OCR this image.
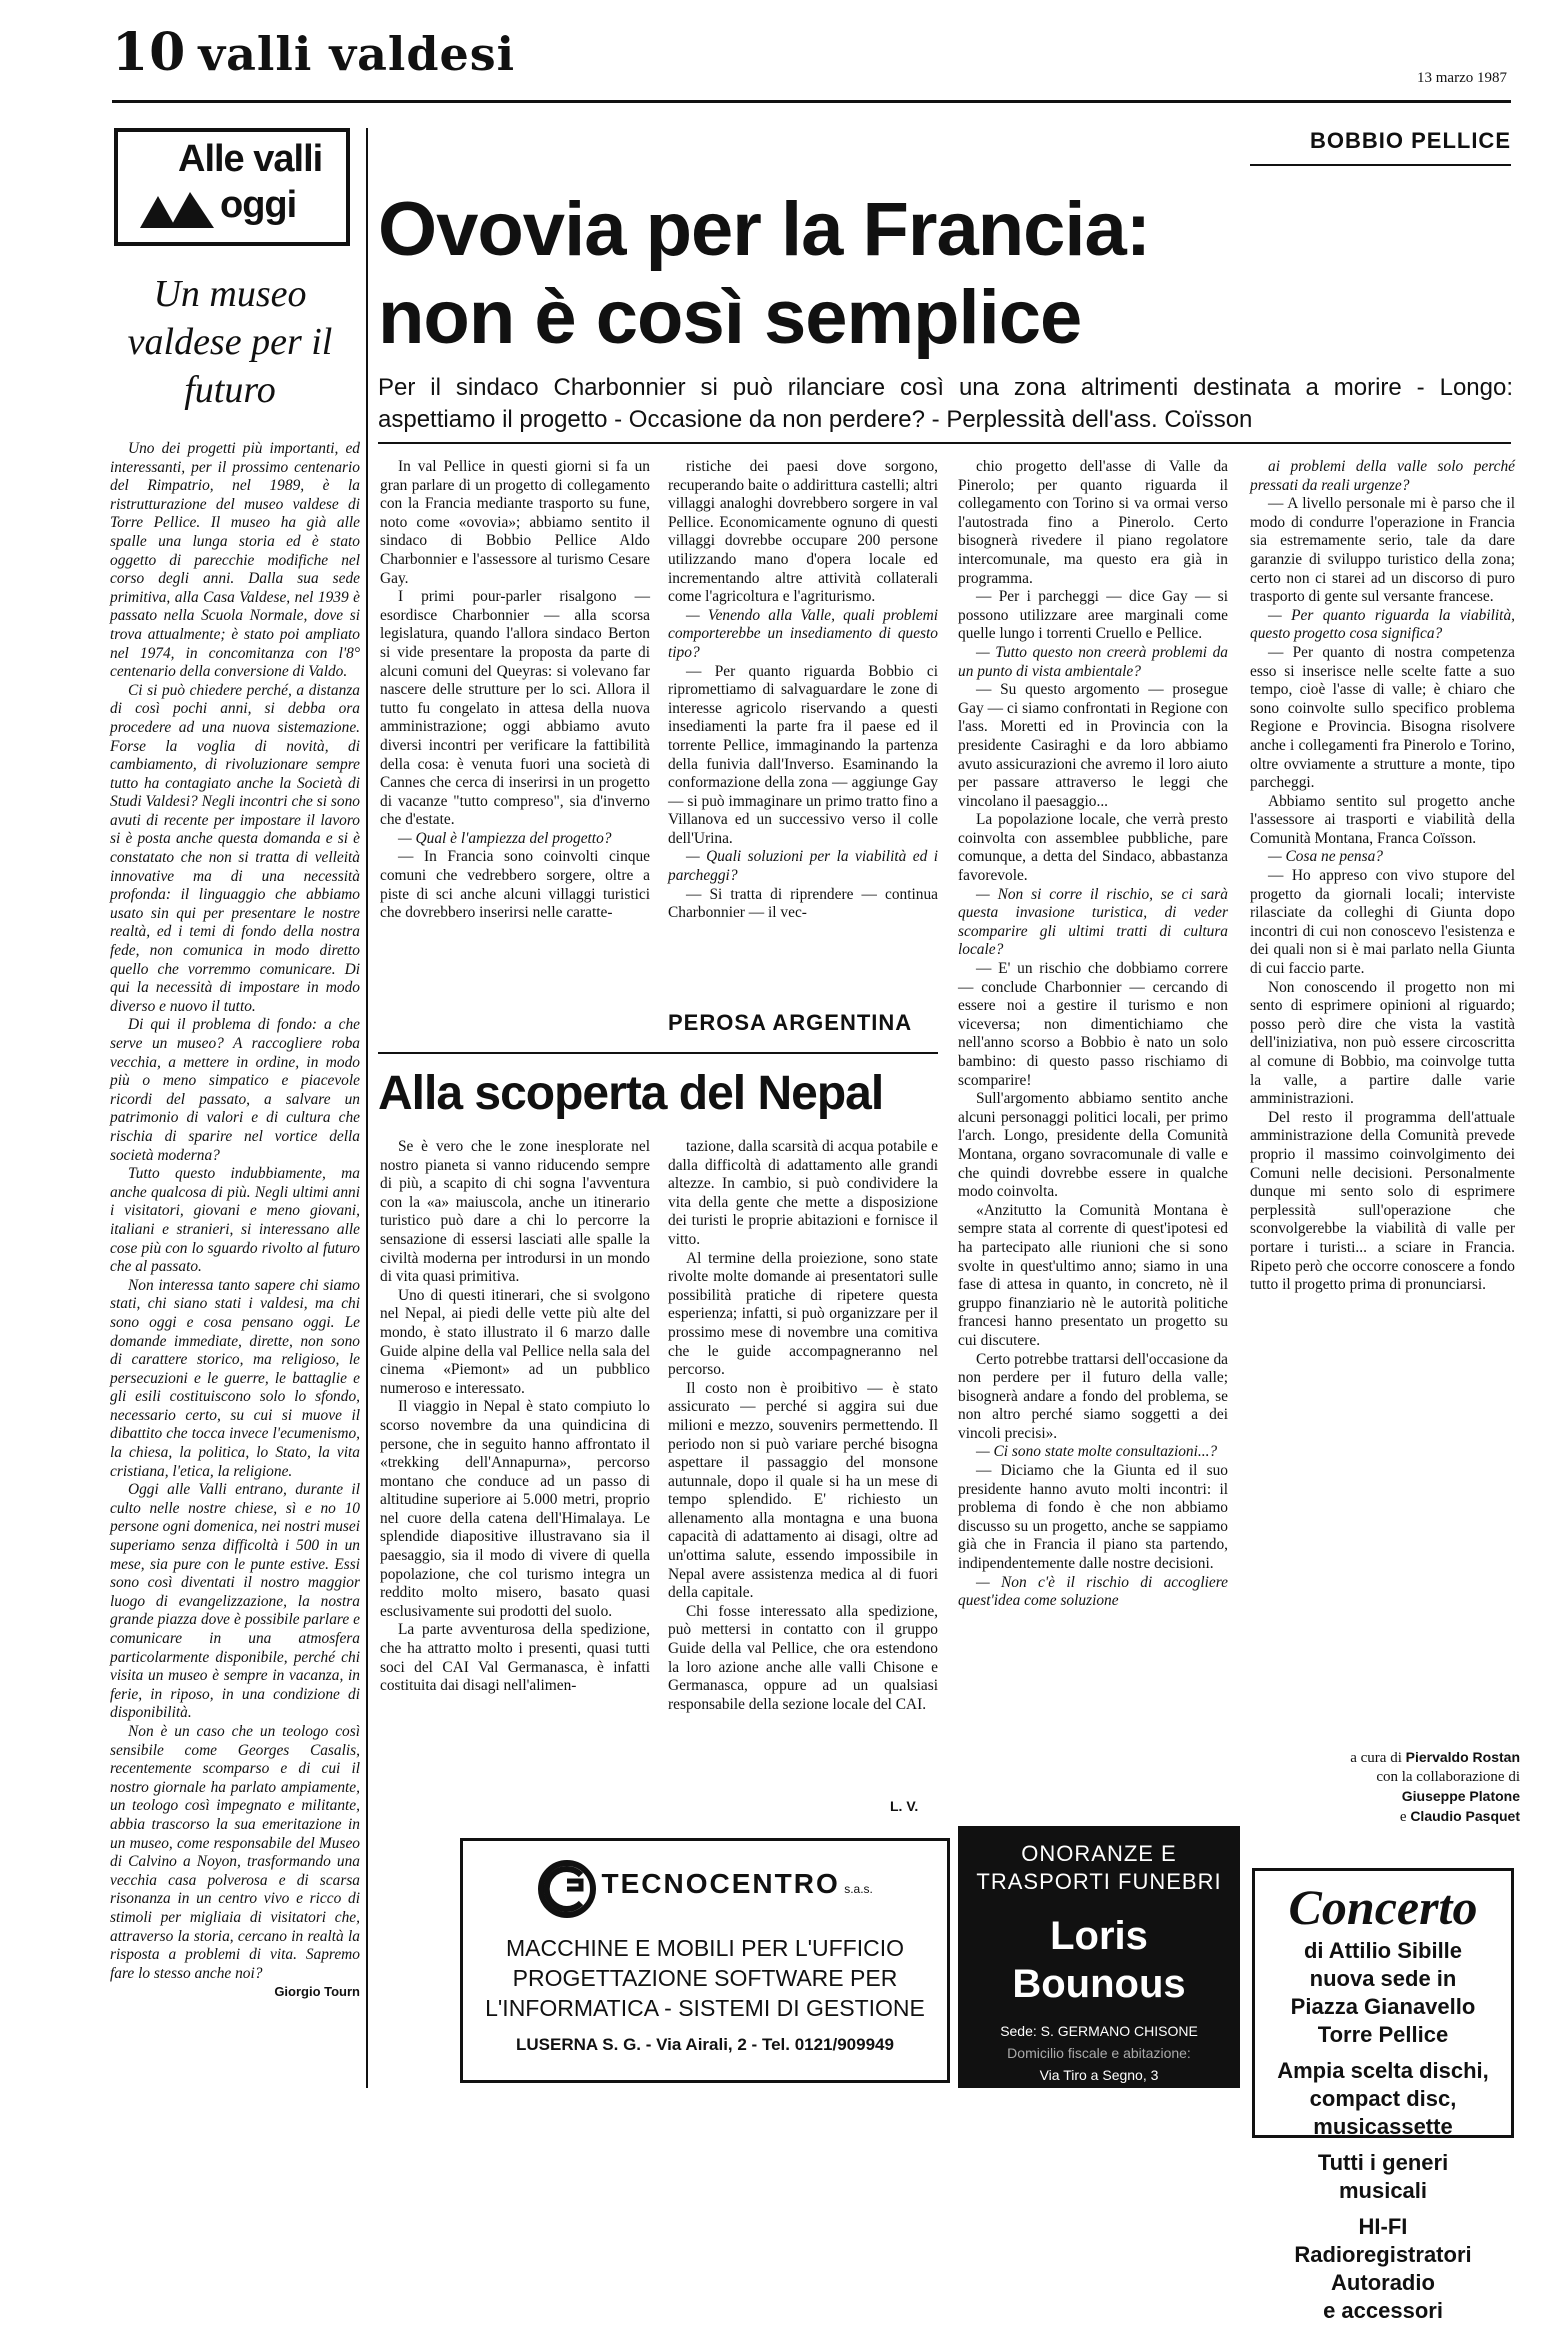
10 valli valdesi	13 marzo 1987
Alle valli
oggi
Un museo valdese per il futuro

Uno dei progetti più importanti, ed interessanti, per il prossimo centenario del Rimpatrio, nel 1989, è la ristrutturazione del museo valdese di Torre Pellice. Il museo ha già alle spalle una lunga storia ed è stato oggetto di parecchie modifiche nel corso degli anni. Dalla sua sede primitiva, alla Casa Valdese, nel 1939 è passato nella Scuola Normale, dove si trova attualmente; è stato poi ampliato nel 1974, in concomitanza con l'8° centenario della conversione di Valdo.

Ci si può chiedere perché, a distanza di così pochi anni, si debba ora procedere ad una nuova sistemazione. Forse la voglia di novità, di cambiamento, di rivoluzionare sempre tutto ha contagiato anche la Società di Studi Valdesi? Negli incontri che si sono avuti di recente per impostare il lavoro si è posta anche questa domanda e si è constatato che non si tratta di velleità innovative ma di una necessità profonda: il linguaggio che abbiamo usato sin qui per presentare le nostre realtà, ed i temi di fondo della nostra fede, non comunica in modo diretto quello che vorremmo comunicare. Di qui la necessità di impostare in modo diverso e nuovo il tutto.

Di qui il problema di fondo: a che serve un museo? A raccogliere roba vecchia, a mettere in ordine, in modo più o meno simpatico e piacevole ricordi del passato, a salvare un patrimonio di valori e di cultura che rischia di sparire nel vortice della società moderna?

Tutto questo indubbiamente, ma anche qualcosa di più. Negli ultimi anni i visitatori, giovani e meno giovani, italiani e stranieri, si interessano alle cose più con lo sguardo rivolto al futuro che al passato.

Non interessa tanto sapere chi siamo stati, chi siano stati i valdesi, ma chi sono oggi e cosa pensano oggi. Le domande immediate, dirette, non sono di carattere storico, ma religioso, le persecuzioni e le guerre, le battaglie e gli esili costituiscono solo lo sfondo, necessario certo, su cui si muove il dibattito che tocca invece l'ecumenismo, la chiesa, la politica, lo Stato, la vita cristiana, l'etica, la religione.

Oggi alle Valli entrano, durante il culto nelle nostre chiese, sì e no 10 persone ogni domenica, nei nostri musei superiamo senza difficoltà i 500 in un mese, sia pure con le punte estive. Essi sono così diventati il nostro maggior luogo di evangelizzazione, la nostra grande piazza dove è possibile parlare e comunicare in una atmosfera particolarmente disponibile, perché chi visita un museo è sempre in vacanza, in ferie, in riposo, in una condizione di disponibilità.

Non è un caso che un teologo così sensibile come Georges Casalis, recentemente scomparso e di cui il nostro giornale ha parlato ampiamente, un teologo così impegnato e militante, abbia trascorso la sua emeritazione in un museo, come responsabile del Museo di Calvino a Noyon, trasformando una vecchia casa polverosa e di scarsa risonanza in un centro vivo e ricco di stimoli per migliaia di visitatori che, attraverso la storia, cercano in realtà la risposta a problemi di vita. Sapremo fare lo stesso anche noi?

Giorgio Tourn
BOBBIO PELLICE
Ovovia per la Francia:
non è così semplice
Per il sindaco Charbonnier si può rilanciare così una zona altrimenti destinata a morire - Longo: aspettiamo il progetto - Occasione da non perdere? - Perplessità dell'ass. Coïsson

In val Pellice in questi giorni si fa un gran parlare di un progetto di collegamento con la Francia mediante trasporto su fune, noto come «ovovia»; abbiamo sentito il sindaco di Bobbio Pellice Aldo Charbonnier e l'assessore al turismo Cesare Gay.

I primi pour-parler risalgono — esordisce Charbonnier — alla scorsa legislatura, quando l'allora sindaco Berton si vide presentare la proposta da parte di alcuni comuni del Queyras: si volevano far nascere delle strutture per lo sci. Allora il tutto fu congelato in attesa della nuova amministrazione; oggi abbiamo avuto diversi incontri per verificare la fattibilità della cosa: è venuta fuori una società di Cannes che cerca di inserirsi in un progetto di vacanze "tutto compreso", sia d'inverno che d'estate.

— Qual è l'ampiezza del progetto?

— In Francia sono coinvolti cinque comuni che vedrebbero sorgere, oltre a piste di sci anche alcuni villaggi turistici che dovrebbero inserirsi nelle caratte-

ristiche dei paesi dove sorgono, recuperando baite o addirittura castelli; altri villaggi analoghi dovrebbero sorgere in val Pellice. Economicamente ognuno di questi villaggi dovrebbe occupare 200 persone utilizzando mano d'opera locale ed incrementando altre attività collaterali come l'agricoltura e l'agriturismo.

— Venendo alla Valle, quali problemi comporterebbe un insediamento di questo tipo?

— Per quanto riguarda Bobbio ci ripromettiamo di salvaguardare le zone di interesse agricolo riservando a questi insediamenti la parte fra il paese ed il torrente Pellice, immaginando la partenza della funivia dall'Inverso. Esaminando la conformazione della zona — aggiunge Gay — si può immaginare un primo tratto fino a Villanova ed un successivo verso il colle dell'Urina.

— Quali soluzioni per la viabilità ed i parcheggi?

— Si tratta di riprendere — continua Charbonnier — il vec-

chio progetto dell'asse di Valle da Pinerolo; per quanto riguarda il collegamento con Torino si va ormai verso l'autostrada fino a Pinerolo. Certo bisognerà rivedere il piano regolatore intercomunale, ma questo era già in programma.

— Per i parcheggi — dice Gay — si possono utilizzare aree marginali come quelle lungo i torrenti Cruello e Pellice.

— Tutto questo non creerà problemi da un punto di vista ambientale?

— Su questo argomento — prosegue Gay — ci siamo confrontati in Regione con l'ass. Moretti ed in Provincia con la presidente Casiraghi e da loro abbiamo avuto assicurazioni che avremo il loro aiuto per passare attraverso le leggi che vincolano il paesaggio...

La popolazione locale, che verrà presto coinvolta con assemblee pubbliche, pare comunque, a detta del Sindaco, abbastanza favorevole.

— Non si corre il rischio, se ci sarà questa invasione turistica, di veder scomparire gli ultimi tratti di cultura locale?

— E' un rischio che dobbiamo correre — conclude Charbonnier — cercando di essere noi a gestire il turismo e non viceversa; non dimentichiamo che nell'anno scorso a Bobbio è nato un solo bambino: di questo passo rischiamo di scomparire!

Sull'argomento abbiamo sentito anche alcuni personaggi politici locali, per primo l'arch. Longo, presidente della Comunità Montana, organo sovracomunale di valle e che quindi dovrebbe essere in qualche modo coinvolta.

«Anzitutto la Comunità Montana è sempre stata al corrente di quest'ipotesi ed ha partecipato alle riunioni che si sono svolte in quest'ultimo anno; siamo in una fase di attesa in quanto, in concreto, nè il gruppo finanziario nè le autorità politiche francesi hanno presentato un progetto su cui discutere.

Certo potrebbe trattarsi dell'occasione da non perdere per il futuro della valle; bisognerà andare a fondo del problema, se non altro perché siamo soggetti a dei vincoli precisi».

— Ci sono state molte consultazioni...?

— Diciamo che la Giunta ed il suo presidente hanno avuto molti incontri: il problema di fondo è che non abbiamo discusso su un progetto, anche se sappiamo già che in Francia il piano sta partendo, indipendentemente dalle nostre decisioni.

— Non c'è il rischio di accogliere quest'idea come soluzione

ai problemi della valle solo perché pressati da reali urgenze?

— A livello personale mi è parso che il modo di condurre l'operazione in Francia sia estremamente serio, tale da dare garanzie di sviluppo turistico della zona; certo non ci starei ad un discorso di puro trasporto di gente sul versante francese.

— Per quanto riguarda la viabilità, questo progetto cosa significa?

— Per quanto di nostra competenza esso si inserisce nelle scelte fatte a suo tempo, cioè l'asse di valle; è chiaro che sono coinvolte sullo specifico problema Regione e Provincia. Bisogna risolvere anche i collegamenti fra Pinerolo e Torino, oltre ovviamente a strutture a monte, tipo parcheggi.

Abbiamo sentito sul progetto anche l'assessore ai trasporti e viabilità della Comunità Montana, Franca Coïsson.

— Cosa ne pensa?

— Ho appreso con vivo stupore del progetto da giornali locali; interviste rilasciate da colleghi di Giunta dopo incontri di cui non conoscevo l'esistenza e dei quali non si è mai parlato nella Giunta di cui faccio parte.

Non conoscendo il progetto non mi sento di esprimere opinioni al riguardo; posso però dire che vista la vastità dell'iniziativa, non può essere circoscritta al comune di Bobbio, ma coinvolge tutta la valle, a partire dalle varie amministrazioni.

Del resto il programma dell'attuale amministrazione della Comunità prevede proprio il massimo coinvolgimento dei Comuni nelle decisioni. Personalmente dunque mi sento solo di esprimere perplessità sull'operazione che sconvolgerebbe la viabilità di valle per portare i turisti... a sciare in Francia. Ripeto però che occorre conoscere a fondo tutto il progetto prima di pronunciarsi.

a cura di Piervaldo Rostan
con la collaborazione di
Giuseppe Platone
e Claudio Pasquet
PEROSA ARGENTINA
Alla scoperta del Nepal

Se è vero che le zone inesplorate nel nostro pianeta si vanno riducendo sempre di più, a scapito di chi sogna l'avventura con la «a» maiuscola, anche un itinerario turistico può dare a chi lo percorre la sensazione di essersi lasciati alle spalle la civiltà moderna per introdursi in un mondo di vita quasi primitiva.

Uno di questi itinerari, che si svolgono nel Nepal, ai piedi delle vette più alte del mondo, è stato illustrato il 6 marzo dalle Guide alpine della val Pellice nella sala del cinema «Piemont» ad un pubblico numeroso e interessato.

Il viaggio in Nepal è stato compiuto lo scorso novembre da una quindicina di persone, che in seguito hanno affrontato il «trekking dell'Annapurna», percorso montano che conduce ad un passo di altitudine superiore ai 5.000 metri, proprio nel cuore della catena dell'Himalaya. Le splendide diapositive illustravano sia il paesaggio, sia il modo di vivere di quella popolazione, che col turismo integra un reddito molto misero, basato quasi esclusivamente sui prodotti del suolo.

La parte avventurosa della spedizione, che ha attratto molto i presenti, quasi tutti soci del CAI Val Germanasca, è infatti costituita dai disagi nell'alimen-

tazione, dalla scarsità di acqua potabile e dalla difficoltà di adattamento alle grandi altezze. In cambio, si può condividere la vita della gente che mette a disposizione dei turisti le proprie abitazioni e fornisce il vitto.

Al termine della proiezione, sono state rivolte molte domande ai presentatori sulle possibilità pratiche di ripetere questa esperienza; infatti, si può organizzare per il prossimo mese di novembre una comitiva che le guide accompagneranno nel percorso.

Il costo non è proibitivo — è stato assicurato — perché si aggira sui due milioni e mezzo, souvenirs permettendo. Il periodo non si può variare perché bisogna aspettare il passaggio del monsone autunnale, dopo il quale si ha un mese di tempo splendido. E' richiesto un allenamento alla montagna e una buona capacità di adattamento ai disagi, oltre ad un'ottima salute, essendo impossibile in Nepal avere assistenza medica al di fuori della capitale.

Chi fosse interessato alla spedizione, può mettersi in contatto con il gruppo Guide della val Pellice, che ora estendono la loro azione anche alle valli Chisone e Germanasca, oppure ad un qualsiasi responsabile della sezione locale del CAI.

L. V.
TECNOCENTRO s.a.s.
MACCHINE E MOBILI PER L'UFFICIO
PROGETTAZIONE SOFTWARE PER
L'INFORMATICA - SISTEMI DI GESTIONE
LUSERNA S. G. - Via Airali, 2 - Tel. 0121/909949
ONORANZE E
TRASPORTI FUNEBRI
Loris Bounous
Sede: S. GERMANO CHISONE
Domicilio fiscale e abitazione:
Via Tiro a Segno, 3
☎ 0121/201524 - PINEROLO
SERVIZI FUNEBRI OVUNQUE
Concerto
di Attilio Sibille
nuova sede in
Piazza Gianavello
Torre Pellice
Ampia scelta dischi,
compact disc,
musicassette
Tutti i generi
musicali
HI-FI
Radioregistratori
Autoradio
e accessori
